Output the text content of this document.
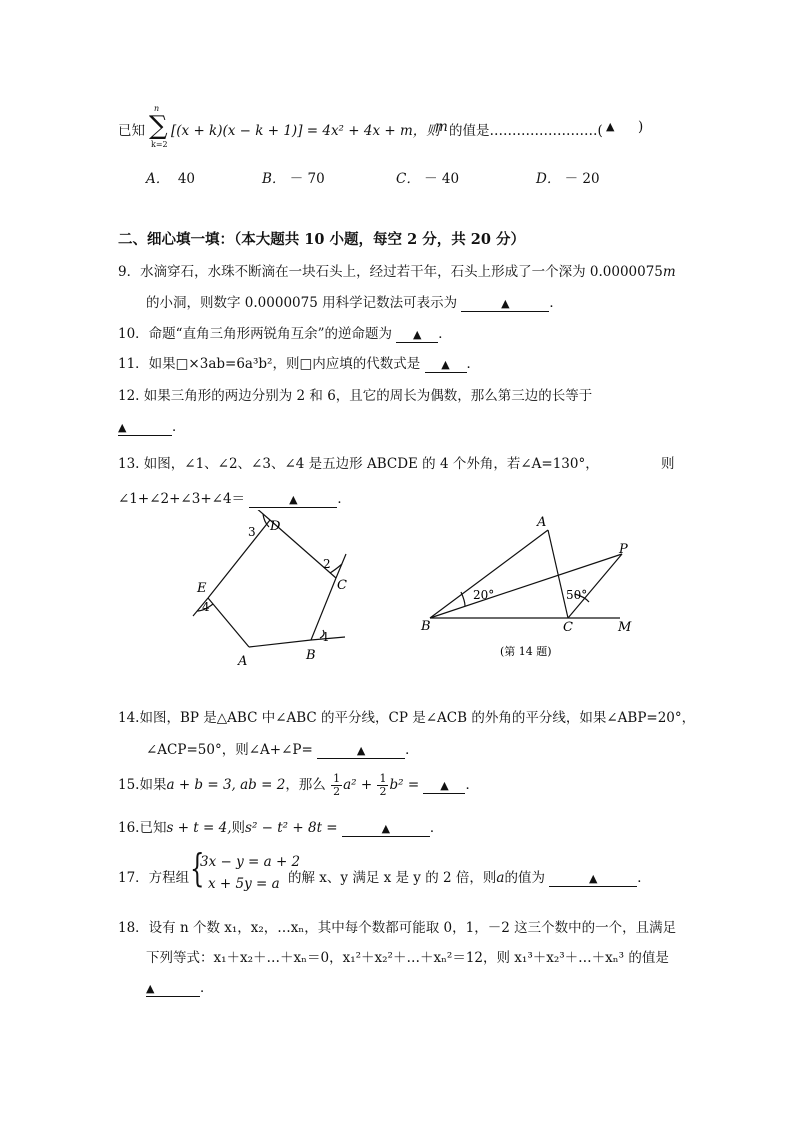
已知
n
∑
k=2
[(x + k)(x − k + 1)] = 4x² + 4x + m，则
m 的值是……………………( ▲ )
A． 40	B． － 70	C． － 40	D． － 20
二、细心填一填：（本大题共 10 小题，每空 2 分，共 20 分）
9．水滴穿石，水珠不断滴在一块石头上，经过若干年，石头上形成了一个深为 0.0000075m
的小洞，则数字 0.0000075 用科学记数法可表示为	▲	．
10．命题“直角三角形两锐角互余”的逆命题为 ▲ ．
11．如果□×3ab=6a³b²，则□内应填的代数式是 ▲ ．
12. 如果三角形的两边分别为 2 和 6，且它的周长为偶数，那么第三边的长等于
▲	．
13. 如图，∠1、∠2、∠3、∠4 是五边形 ABCDE 的 4 个外角，若∠A=130°，	则
∠1+∠2+∠3+∠4＝	▲	．
A	B
C
D
E
1
2
3
4
A
B	C
P
M
20°	50°
(第 14 题)
14.如图，BP 是△ABC 中∠ABC 的平分线，CP 是∠ACB 的外角的平分线，如果∠ABP=20°，
∠ACP=50°，则∠A+∠P=	▲	．
15.如果a + b = 3, ab = 2，那么 $\frac{1}{2} a^2 + \frac{1}{2} b^2$ = ▲ ．
16.已知s + t = 4,则s² − t² + 8t =	▲	．
17．方程组 {
3x − y = a + 2
x + 5y = a 的解 x、y 满足 x 是 y 的 2 倍，则a的值为	▲	．
18．设有 n 个数 x₁，x₂，…xₙ，其中每个数都可能取 0，1，－2 这三个数中的一个，且满足
下列等式：x₁＋x₂＋…＋xₙ＝0，x₁²＋x₂²＋…＋xₙ²＝12，则 x₁³＋x₂³＋…＋xₙ³ 的值是
▲	．
